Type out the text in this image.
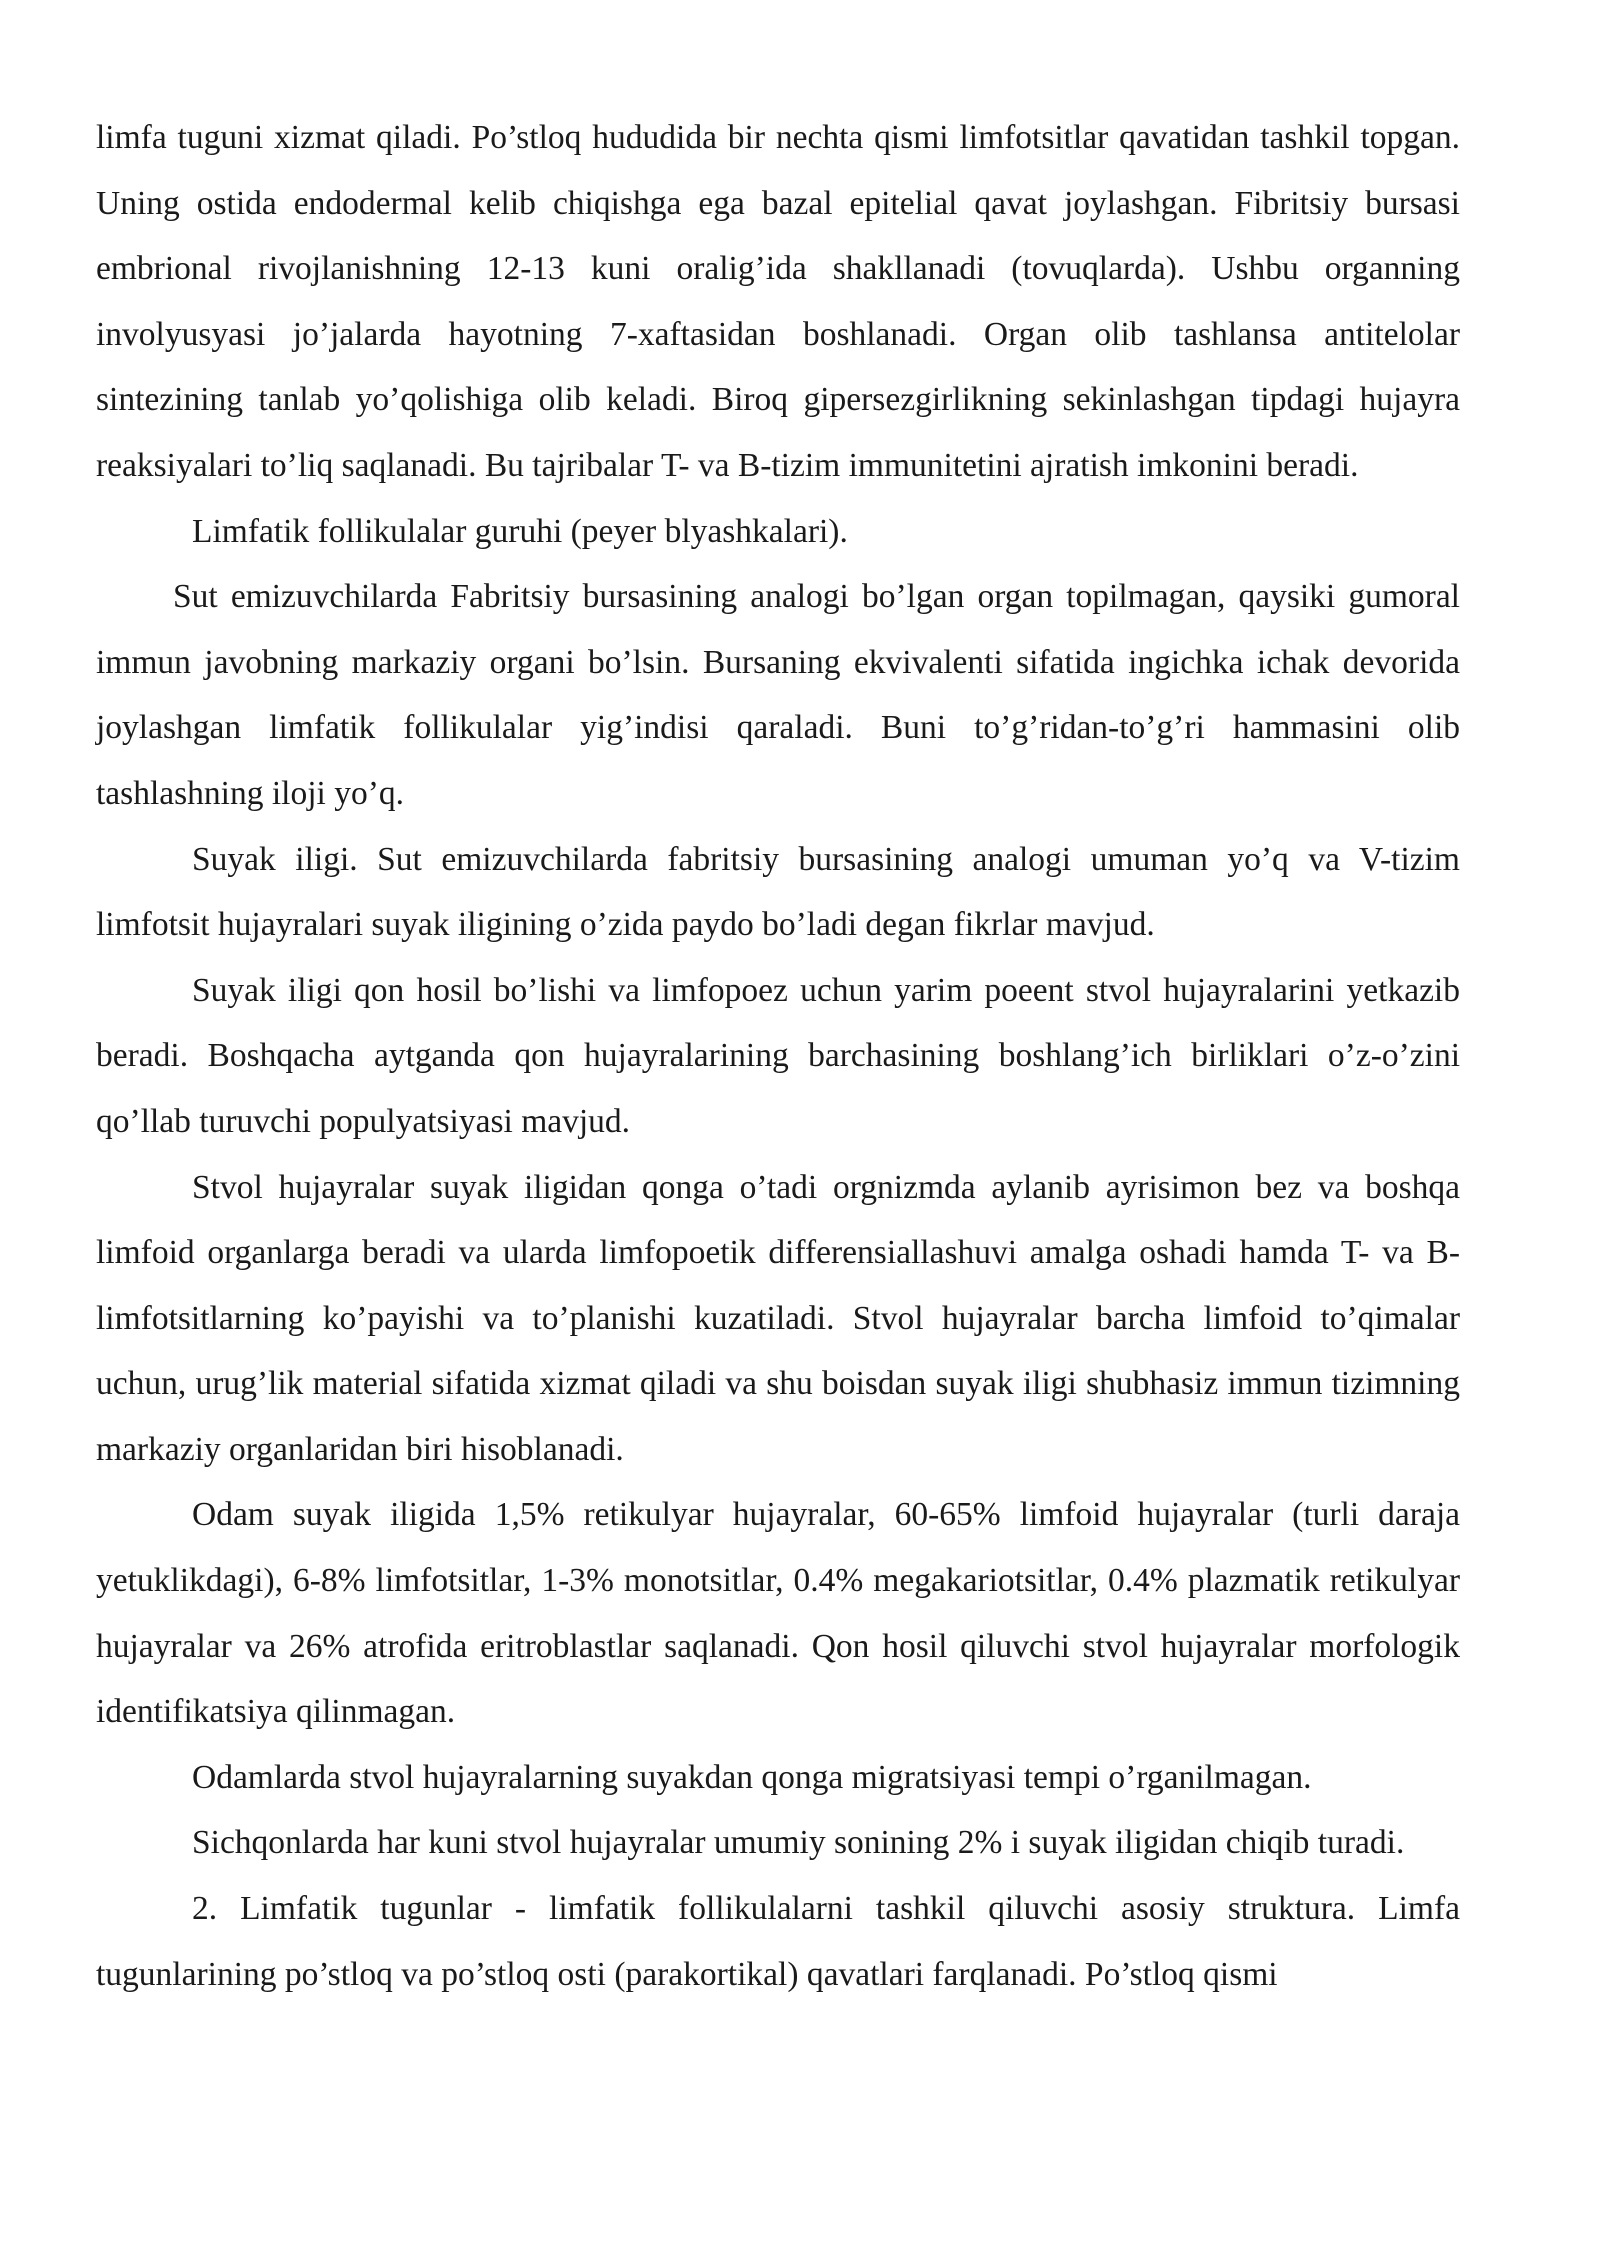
limfa tuguni xizmat qiladi. Po’stloq hududida bir nechta qismi limfotsitlar qavatidan tashkil topgan. Uning ostida endodermal kelib chiqishga ega bazal epitelial qavat joylashgan. Fibritsiy bursasi embrional rivojlanishning 12-13 kuni oralig’ida shakllanadi (tovuqlarda). Ushbu organning involyusyasi jo’jalarda hayotning 7-xaftasidan boshlanadi. Organ olib tashlansa antitelolar sintezining tanlab yo’qolishiga olib keladi. Biroq gipersezgirlikning sekinlashgan tipdagi hujayra reaksiyalari to’liq saqlanadi. Bu tajribalar T- va B-tizim immunitetini ajratish imkonini beradi.

Limfatik follikulalar guruhi (peyer blyashkalari).

Sut emizuvchilarda Fabritsiy bursasining analogi bo’lgan organ topilmagan, qaysiki gumoral immun javobning markaziy organi bo’lsin. Bursaning ekvivalenti sifatida ingichka ichak devorida joylashgan limfatik follikulalar yig’indisi qaraladi. Buni to’g’ridan-to’g’ri hammasini olib tashlashning iloji yo’q.

Suyak iligi. Sut emizuvchilarda fabritsiy bursasining analogi umuman yo’q va V-tizim limfotsit hujayralari suyak iligining o’zida paydo bo’ladi degan fikrlar mavjud.

Suyak iligi qon hosil bo’lishi va limfopoez uchun yarim poeent stvol hujayralarini yetkazib beradi. Boshqacha aytganda qon hujayralarining barchasining boshlang’ich birliklari o’z-o’zini qo’llab turuvchi populyatsiyasi mavjud.

Stvol hujayralar suyak iligidan qonga o’tadi orgnizmda aylanib ayrisimon bez va boshqa limfoid organlarga beradi va ularda limfopoetik differensiallashuvi amalga oshadi hamda T- va B-limfotsitlarning ko’payishi va to’planishi kuzatiladi. Stvol hujayralar barcha limfoid to’qimalar uchun, urug’lik material sifatida xizmat qiladi va shu boisdan suyak iligi shubhasiz immun tizimning markaziy organlaridan biri hisoblanadi.

Odam suyak iligida 1,5% retikulyar hujayralar, 60-65% limfoid hujayralar (turli daraja yetuklikdagi), 6-8% limfotsitlar, 1-3% monotsitlar, 0.4% megakariotsitlar, 0.4% plazmatik retikulyar hujayralar va 26% atrofida eritroblastlar saqlanadi. Qon hosil qiluvchi stvol hujayralar morfologik identifikatsiya qilinmagan.

Odamlarda stvol hujayralarning suyakdan qonga migratsiyasi tempi o’rganilmagan.

Sichqonlarda har kuni stvol hujayralar umumiy sonining 2% i suyak iligidan chiqib turadi.

2. Limfatik tugunlar - limfatik follikulalarni tashkil qiluvchi asosiy struktura. Limfa tugunlarining po’stloq va po’stloq osti (parakortikal) qavatlari farqlanadi. Po’stloq qismi
